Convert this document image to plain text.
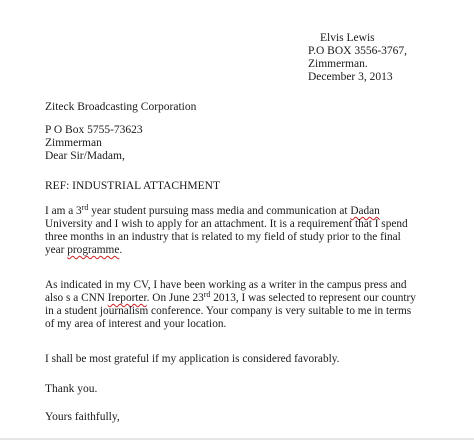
Elvis Lewis
P.O BOX 3556-3767,
Zimmerman.
December 3, 2013
Ziteck Broadcasting Corporation
P O Box 5755-73623
Zimmerman
Dear Sir/Madam,
REF: INDUSTRIAL ATTACHMENT
I am a 3rd year student pursuing mass media and communication at Dadan
University and I wish to apply for an attachment. It is a requirement that I spend
three months in an industry that is related to my field of study prior to the final
year programme.
As indicated in my CV, I have been working as a writer in the campus press and
also s a CNN Ireporter. On June 23rd 2013, I was selected to represent our country
in a student journalism conference. Your company is very suitable to me in terms
of my area of interest and your location.
I shall be most grateful if my application is considered favorably.
Thank you.
Yours faithfully,
